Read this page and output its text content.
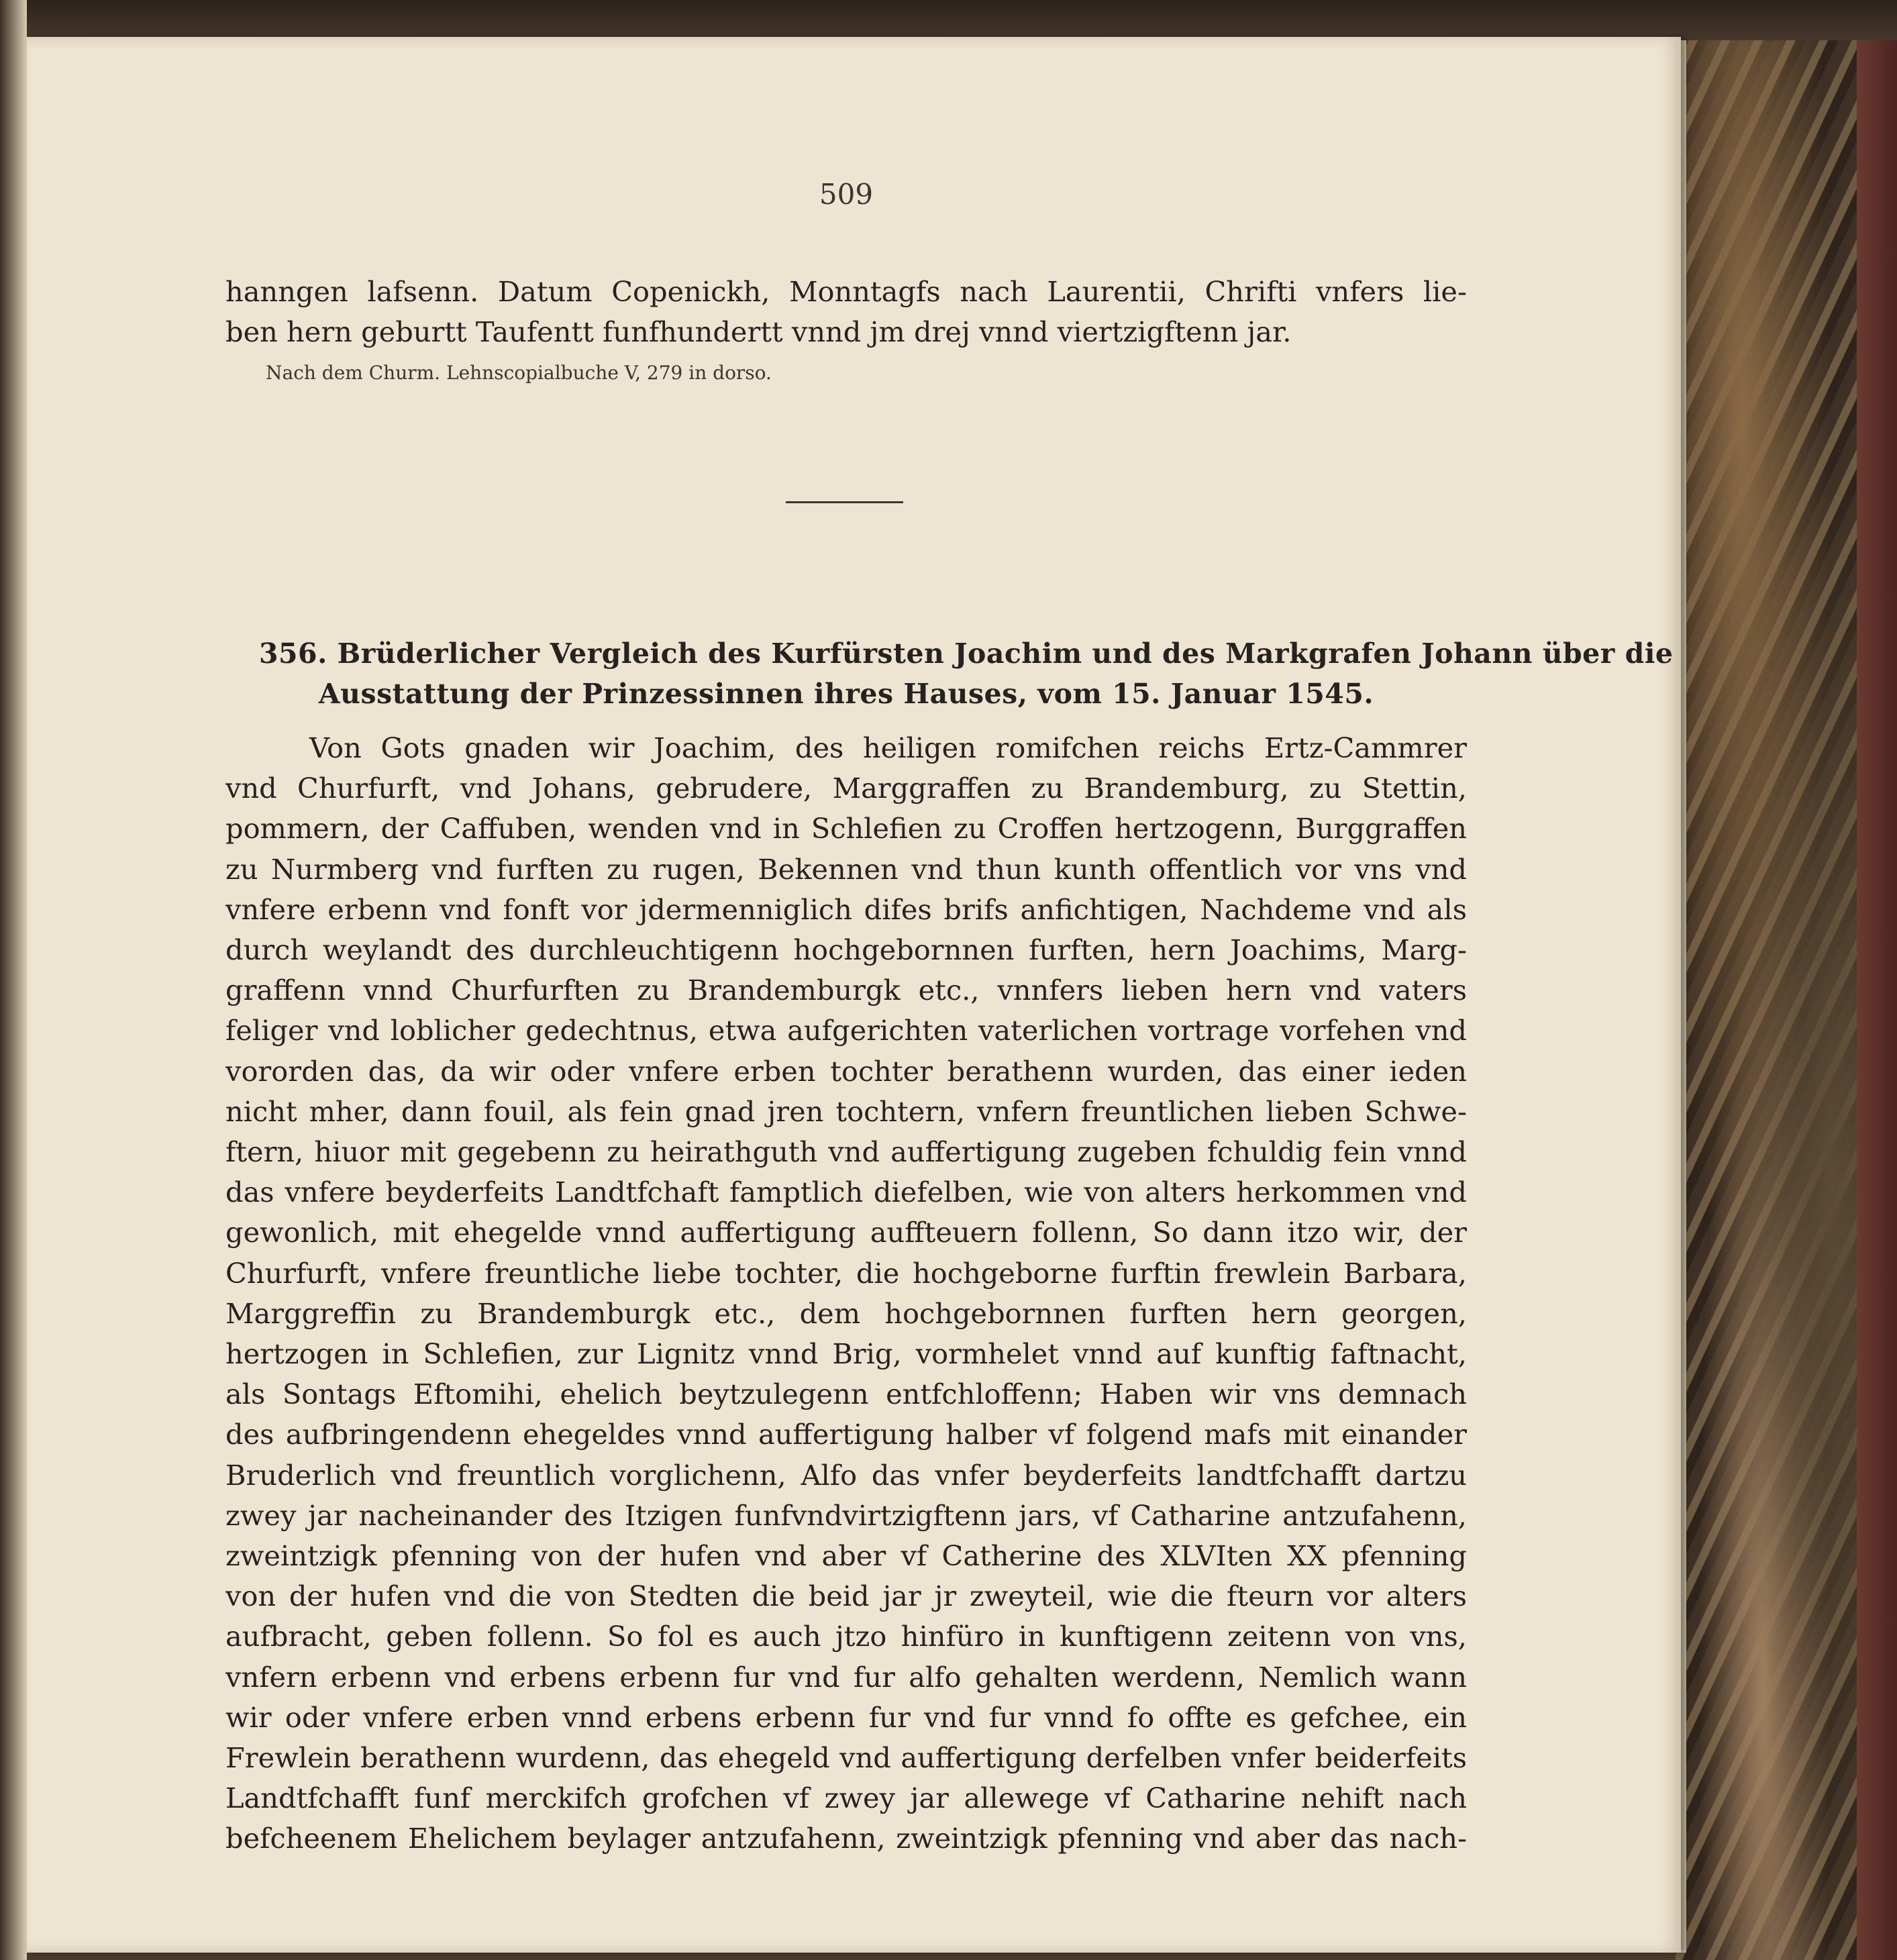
509
hanngen lafsenn. Datum Copenickh, Monntagfs nach Laurentii, Chrifti vnfers lie-
ben hern geburtt Taufentt funfhundertt vnnd jm drej vnnd viertzigftenn jar.
Nach dem Churm. Lehnscopialbuche V, 279 in dorso.
356. Brüderlicher Vergleich des Kurfürsten Joachim und des Markgrafen Johann über die
Ausstattung der Prinzessinnen ihres Hauses, vom 15. Januar 1545.
Von Gots gnaden wir Joachim, des heiligen romifchen reichs Ertz-Cammrer
vnd Churfurft, vnd Johans, gebrudere, Marggraffen zu Brandemburg, zu Stettin,
pommern, der Caffuben, wenden vnd in Schlefien zu Croffen hertzogenn, Burggraffen
zu Nurmberg vnd furften zu rugen, Bekennen vnd thun kunth offentlich vor vns vnd
vnfere erbenn vnd fonft vor jdermenniglich difes brifs anfichtigen, Nachdeme vnd als
durch weylandt des durchleuchtigenn hochgebornnen furften, hern Joachims, Marg-
graffenn vnnd Churfurften zu Brandemburgk etc., vnnfers lieben hern vnd vaters
feliger vnd loblicher gedechtnus, etwa aufgerichten vaterlichen vortrage vorfehen vnd
vororden das, da wir oder vnfere erben tochter berathenn wurden, das einer ieden
nicht mher, dann fouil, als fein gnad jren tochtern, vnfern freuntlichen lieben Schwe-
ftern, hiuor mit gegebenn zu heirathguth vnd auffertigung zugeben fchuldig fein vnnd
das vnfere beyderfeits Landtfchaft famptlich diefelben, wie von alters herkommen vnd
gewonlich, mit ehegelde vnnd auffertigung auffteuern follenn, So dann itzo wir, der
Churfurft, vnfere freuntliche liebe tochter, die hochgeborne furftin frewlein Barbara,
Marggreffin zu Brandemburgk etc., dem hochgebornnen furften hern georgen,
hertzogen in Schlefien, zur Lignitz vnnd Brig, vormhelet vnnd auf kunftig faftnacht,
als Sontags Eftomihi, ehelich beytzulegenn entfchloffenn; Haben wir vns demnach
des aufbringendenn ehegeldes vnnd auffertigung halber vf folgend mafs mit einander
Bruderlich vnd freuntlich vorglichenn, Alfo das vnfer beyderfeits landtfchafft dartzu
zwey jar nacheinander des Itzigen funfvndvirtzigftenn jars, vf Catharine antzufahenn,
zweintzigk pfenning von der hufen vnd aber vf Catherine des XLVIten XX pfenning
von der hufen vnd die von Stedten die beid jar jr zweyteil, wie die fteurn vor alters
aufbracht, geben follenn. So fol es auch jtzo hinfüro in kunftigenn zeitenn von vns,
vnfern erbenn vnd erbens erbenn fur vnd fur alfo gehalten werdenn, Nemlich wann
wir oder vnfere erben vnnd erbens erbenn fur vnd fur vnnd fo offte es gefchee, ein
Frewlein berathenn wurdenn, das ehegeld vnd auffertigung derfelben vnfer beiderfeits
Landtfchafft funf merckifch grofchen vf zwey jar allewege vf Catharine nehift nach
befcheenem Ehelichem beylager antzufahenn, zweintzigk pfenning vnd aber das nach-
